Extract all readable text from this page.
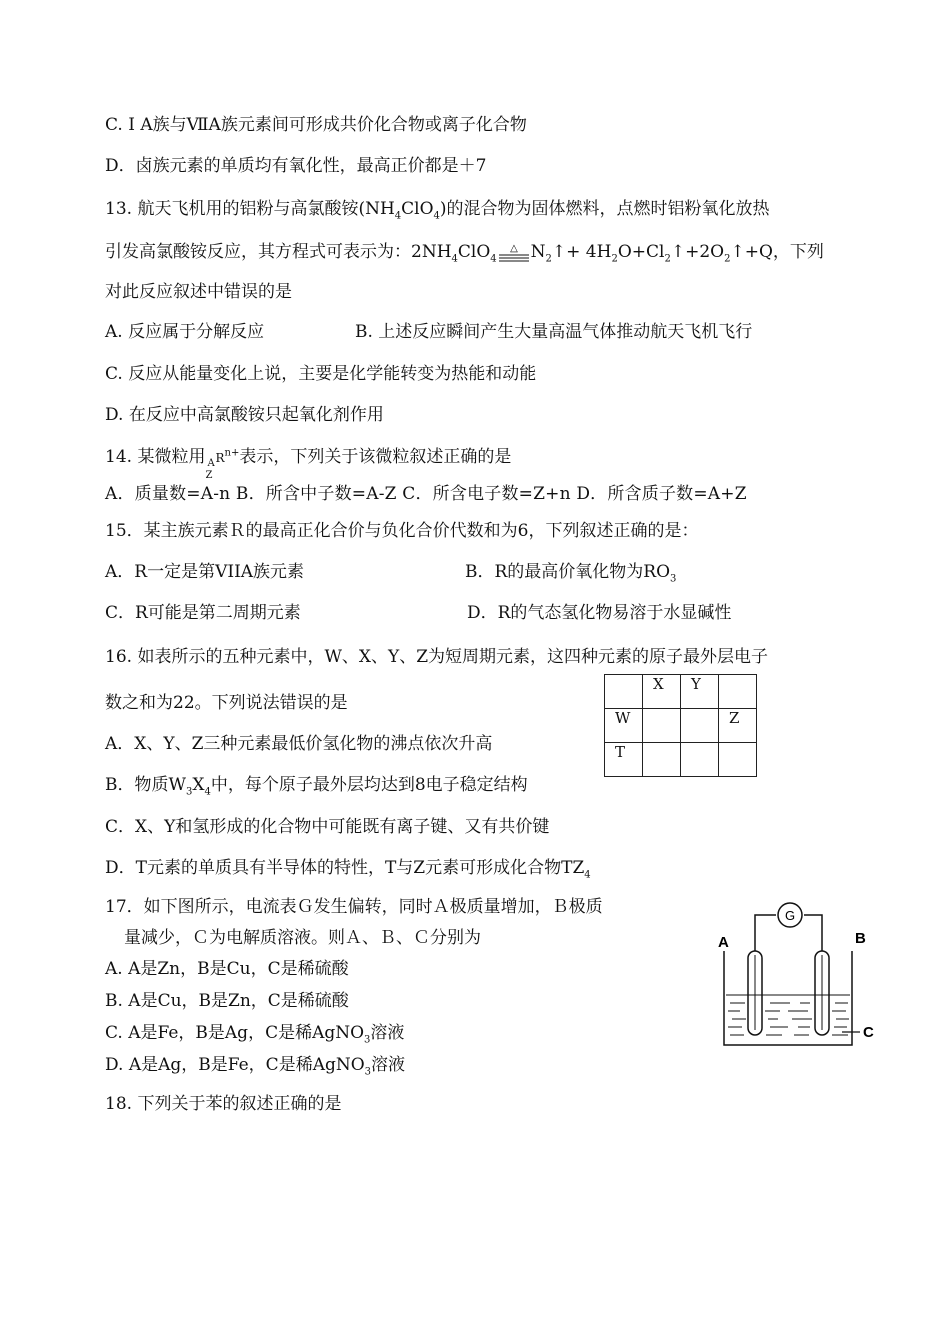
C. Ⅰ A族与ⅦA族元素间可形成共价化合物或离子化合物
D．卤族元素的单质均有氧化性，最高正价都是＋7
13. 航天飞机用的铝粉与高氯酸铵$(NH_4ClO_4)$的混合物为固体燃料，点燃时铝粉氧化放热
引发高氯酸铵反应，其方程式可表示为：$2NH_4ClO_4$
△ $N_2↑+$ $4H_2O+Cl_2↑+2O_2↑+Q$，下列
对此反应叙述中错误的是
A. 反应属于分解反应	B. 上述反应瞬间产生大量高温气体推动航天飞机飞行
C. 反应从能量变化上说，主要是化学能转变为热能和动能
D. 在反应中高氯酸铵只起氧化剂作用
14. 某微粒用
Z
A $R^{n+}$表示，下列关于该微粒叙述正确的是
A．质量数=A-n B．所含中子数=A-Z C．所含电子数=Z+n D．所含质子数=A+Z
15．某主族元素Ｒ的最高正化合价与负化合价代数和为6，下列叙述正确的是：
A．R一定是第VIIA族元素	B．R的最高价氧化物为$RO_3$
C．R可能是第二周期元素	D．R的气态氢化物易溶于水显碱性
16. 如表所示的五种元素中，W、X、Y、Z为短周期元素，这四种元素的原子最外层电子
数之和为22。下列说法错误的是
	X	Y	
W			Z
T			
A．X、Y、Z三种元素最低价氢化物的沸点依次升高
B．物质$W_3X_4$中，每个原子最外层均达到8电子稳定结构
C．X、Y和氢形成的化合物中可能既有离子键、又有共价键
D．T元素的单质具有半导体的特性，T与Z元素可形成化合物$TZ_4$
17．如下图所示，电流表Ｇ发生偏转，同时Ａ极质量增加，Ｂ极质
量减少，Ｃ为电解质溶液。则Ａ、Ｂ、Ｃ分别为
A. A是Zn，B是Cu，C是稀硫酸
B. A是Cu，B是Zn，C是稀硫酸
C. A是Fe，B是Ag，C是稀AgNO$_3$溶液
D. A是Ag，B是Fe，C是稀AgNO$_3$溶液
G
A	B
C
18. 下列关于苯的叙述正确的是
